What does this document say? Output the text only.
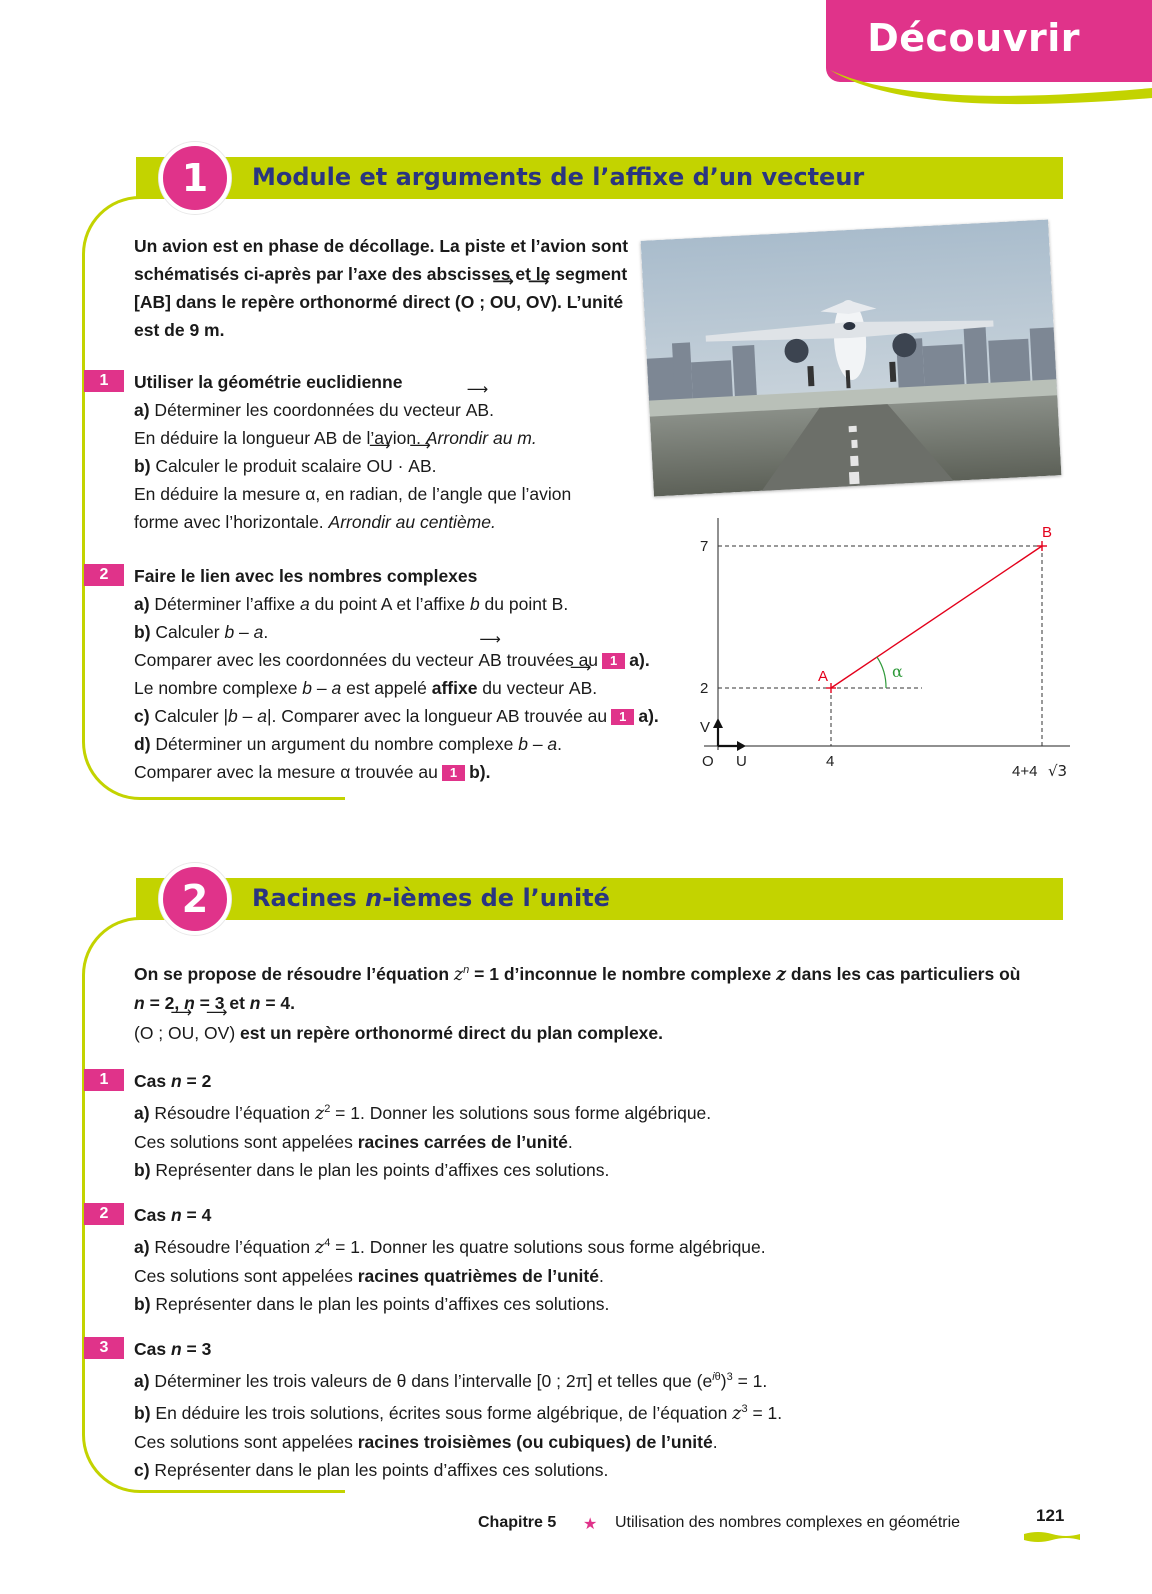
Découvrir
1	Module et arguments de l’affixe d’un vecteur
Un avion est en phase de décollage. La piste et l’avion sont
schématisés ci-après par l’axe des abscisses et le segment
[AB] dans le repère orthonormé direct (O ; ⟶ OU, ⟶ OV). L’unité
est de 9 m.
1	Utiliser la géométrie euclidienne
a) Déterminer les coordonnées du vecteur ⟶ AB.
En déduire la longueur AB de l’avion. Arrondir au m.
b) Calculer le produit scalaire ⟶ OU · ⟶ AB.
En déduire la mesure α, en radian, de l’angle que l’avion
forme avec l’horizontale. Arrondir au centième.
2	Faire le lien avec les nombres complexes
a) Déterminer l’affixe a du point A et l’affixe b du point B.
b) Calculer b – a.
Comparer avec les coordonnées du vecteur ⟶ AB trouvées au 1 a).
Le nombre complexe b – a est appelé affixe du vecteur ⟶ AB.
c) Calculer |b – a|. Comparer avec la longueur AB trouvée au 1 a).
d) Déterminer un argument du nombre complexe b – a.
Comparer avec la mesure α trouvée au 1 b).
B
A	α
7
2
V
O U	4
4+4 √3
2	Racines n-ièmes de l’unité
On se propose de résoudre l’équation $z^n = 1$ d’inconnue le nombre complexe z dans les cas particuliers où
n = 2, n = 3 et n = 4.
(O ; ⟶ OU, ⟶ OV) est un repère orthonormé direct du plan complexe.
1	Cas n = 2
a) Résoudre l’équation $z^2 = 1$. Donner les solutions sous forme algébrique.
Ces solutions sont appelées racines carrées de l’unité.
b) Représenter dans le plan les points d’affixes ces solutions.
2	Cas n = 4
a) Résoudre l’équation $z^4 = 1$. Donner les quatre solutions sous forme algébrique.
Ces solutions sont appelées racines quatrièmes de l’unité.
b) Représenter dans le plan les points d’affixes ces solutions.
3	Cas n = 3
a) Déterminer les trois valeurs de θ dans l’intervalle [0 ; 2π] et telles que $(e^{i\theta})^3 = 1$.
b) En déduire les trois solutions, écrites sous forme algébrique, de l’équation $z^3 = 1$.
Ces solutions sont appelées racines troisièmes (ou cubiques) de l’unité.
c) Représenter dans le plan les points d’affixes ces solutions.
Chapitre 5 ★ Utilisation des nombres complexes en géométrie	121
